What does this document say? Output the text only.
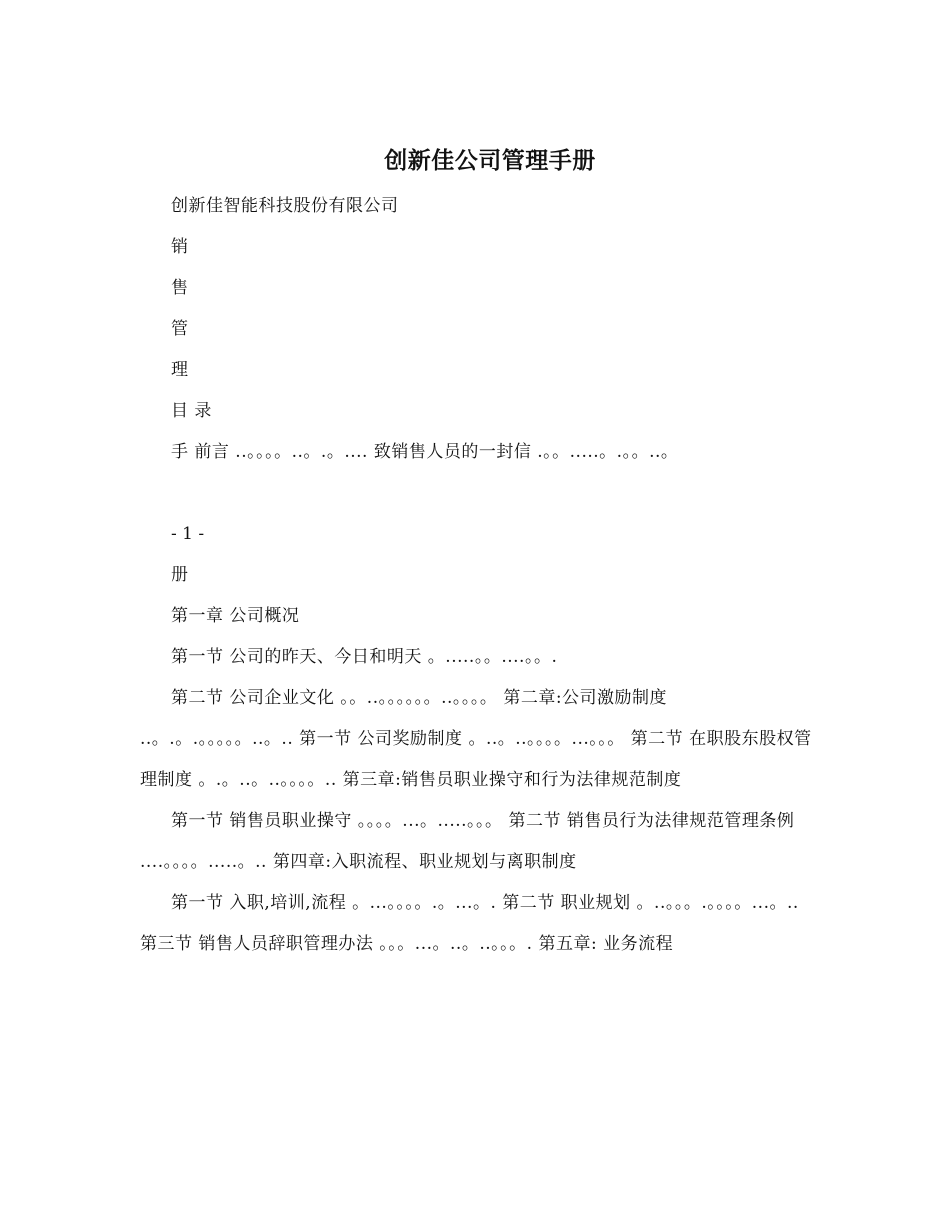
创新佳公司管理手册

创新佳智能科技股份有限公司

销

售

管

理

目 录

手 前言 ..。。。。..。.。.... 致销售人员的一封信 .。。.....。.。。..。

- 1 -

册

第一章 公司概况

第一节 公司的昨天、今日和明天 。.....。。....。。.

第二节 公司企业文化 。。..。。。。。。..。。。。 第二章:公司激励制度 ..。.。.。。。。。..。.. 第一节 公司奖励制度 。..。..。。。。...。。。 第二节 在职股东股权管理制度 。.。..。..。。。。.. 第三章:销售员职业操守和行为法律规范制度

第一节 销售员职业操守 。。。。...。.....。。。 第二节 销售员行为法律规范管理条例 ....。。。。.....。.. 第四章:入职流程、职业规划与离职制度

第一节 入职,培训,流程 。...。。。。.。...。. 第二节 职业规划 。..。。。.。。。。...。.. 第三节 销售人员辞职管理办法 。。。...。..。..。。。. 第五章: 业务流程
